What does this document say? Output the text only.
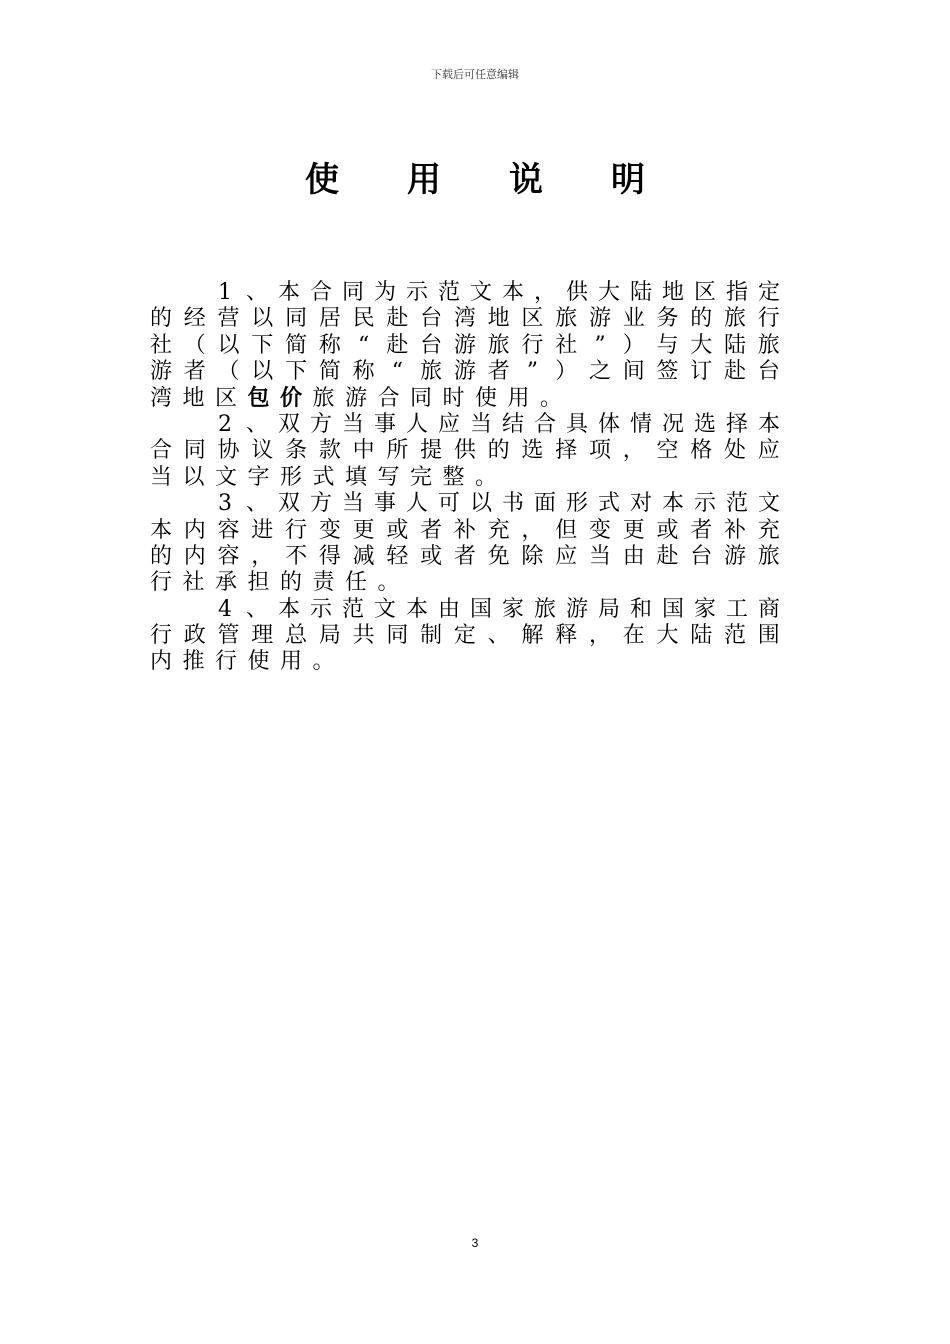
下载后可任意编辑
使用说明

1 、 本 合 同 为 示 范 文 本 ， 供 大 陆 地 区 指 定
的 经 营 以 同 居 民 赴 台 湾 地 区 旅 游 业 务 的 旅 行
社 （ 以 下 简 称 “ 赴 台 游 旅 行 社 ” ） 与 大 陆 旅
游 者 （ 以 下 简 称 “ 旅 游 者 ” ） 之 间 签 订 赴 台
湾 地 区 包 价 旅 游 合 同 时 使 用 。

2 、 双 方 当 事 人 应 当 结 合 具 体 情 况 选 择 本
合 同 协 议 条 款 中 所 提 供 的 选 择 项 ， 空 格 处 应
当 以 文 字 形 式 填 写 完 整 。

3 、 双 方 当 事 人 可 以 书 面 形 式 对 本 示 范 文
本 内 容 进 行 变 更 或 者 补 充 ， 但 变 更 或 者 补 充
的 内 容 ， 不 得 减 轻 或 者 免 除 应 当 由 赴 台 游 旅
行 社 承 担 的 责 任 。

4 、 本 示 范 文 本 由 国 家 旅 游 局 和 国 家 工 商
行 政 管 理 总 局 共 同 制 定 、 解 释 ， 在 大 陆 范 围
内 推 行 使 用 。
3
